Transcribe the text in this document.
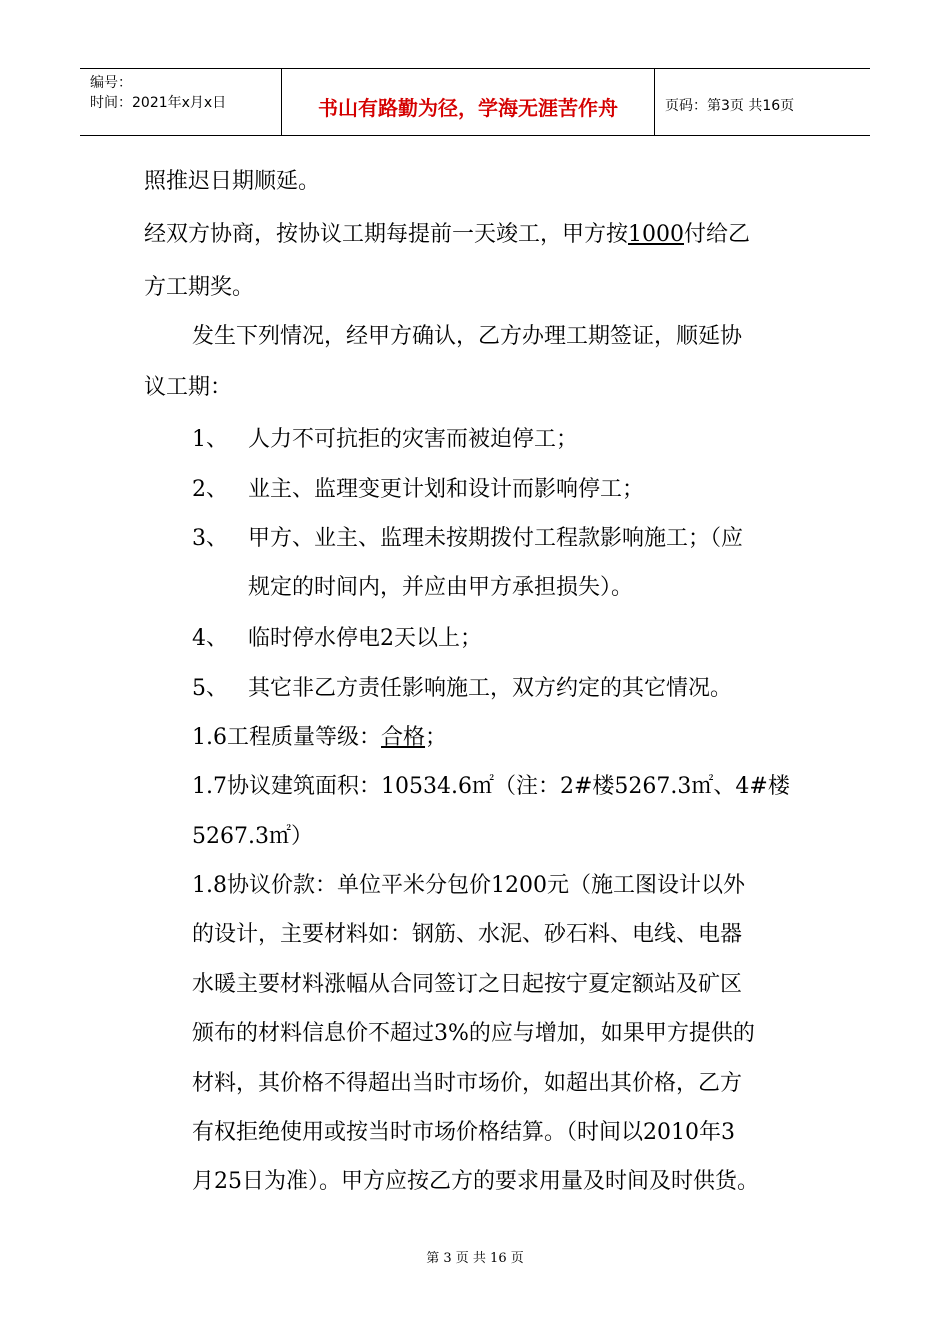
编号：
时间：2021年x月x日	书山有路勤为径，学海无涯苦作舟	页码：第3页 共16页
照推迟日期顺延。
经双方协商，按协议工期每提前一天竣工，甲方按1000付给乙
方工期奖。
发生下列情况，经甲方确认，乙方办理工期签证，顺延协
议工期：
1、 人力不可抗拒的灾害而被迫停工；
2、 业主、监理变更计划和设计而影响停工；
3、 甲方、业主、监理未按期拨付工程款影响施工；（应
规定的时间内，并应由甲方承担损失）。
4、 临时停水停电2天以上；
5、 其它非乙方责任影响施工，双方约定的其它情况。
1.6工程质量等级：合格；
1.7协议建筑面积：10534.6㎡（注：2#楼5267.3㎡、4#楼
5267.3㎡）
1.8协议价款：单位平米分包价1200元（施工图设计以外
的设计，主要材料如：钢筋、水泥、砂石料、电线、电器
水暖主要材料涨幅从合同签订之日起按宁夏定额站及矿区
颁布的材料信息价不超过3%的应与增加，如果甲方提供的
材料，其价格不得超出当时市场价，如超出其价格，乙方
有权拒绝使用或按当时市场价格结算。（时间以2010年3
月25日为准）。甲方应按乙方的要求用量及时间及时供货。
第 3 页 共 16 页
